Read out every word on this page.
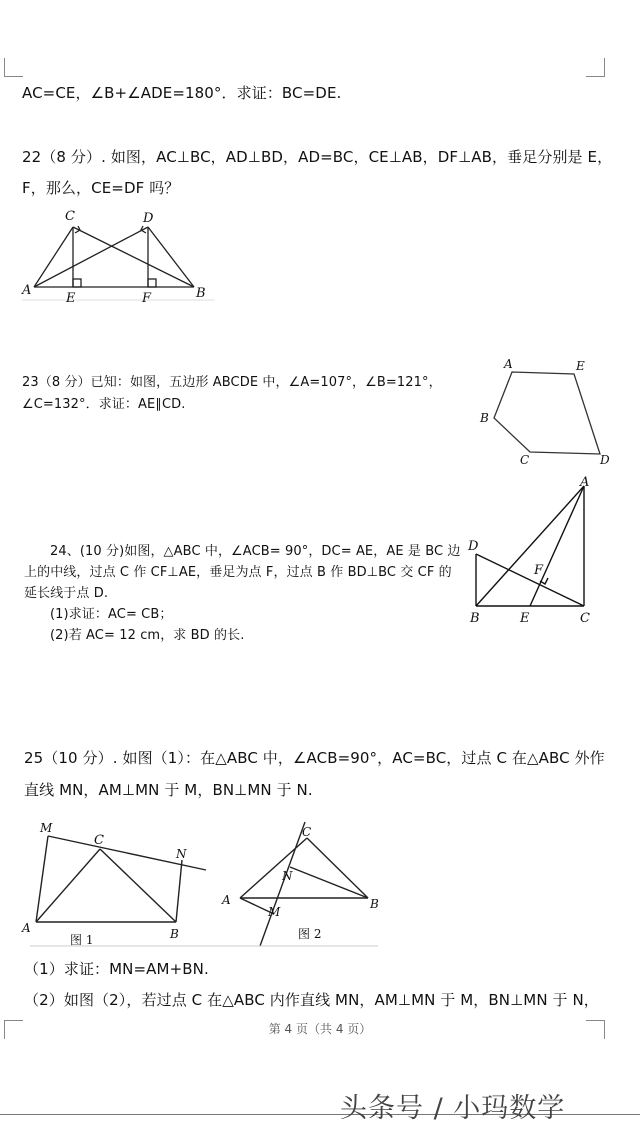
AC=CE，∠B+∠ADE=180°．求证：BC=DE.
22（8 分）. 如图，AC⊥BC，AD⊥BD，AD=BC，CE⊥AB，DF⊥AB，垂足分别是 E，
F，那么，CE=DF 吗？
C	D
A
E	F	B
23（8 分）已知：如图，五边形 ABCDE 中，∠A=107°，∠B=121°，
∠C=132°．求证：AE∥CD.
A	E
B
C	D
24、(10 分)如图，△ABC 中，∠ACB= 90°，DC= AE，AE 是 BC 边
上的中线，过点 C 作 CF⊥AE，垂足为点 F，过点 B 作 BD⊥BC 交 CF 的
延长线于点 D.
(1)求证：AC= CB；
(2)若 AC= 12 cm，求 BD 的长.
A
D
F
B	E	C
25（10 分）. 如图（1）：在△ABC 中，∠ACB=90°，AC=BC，过点 C 在△ABC 外作
直线 MN，AM⊥MN 于 M，BN⊥MN 于 N.
M
C
N
A	B
图 1
C
N
A	B
M
图 2
（1）求证：MN=AM+BN.
（2）如图（2），若过点 C 在△ABC 内作直线 MN，AM⊥MN 于 M，BN⊥MN 于 N，
第 4 页（共 4 页）
头条号 / 小玛数学
